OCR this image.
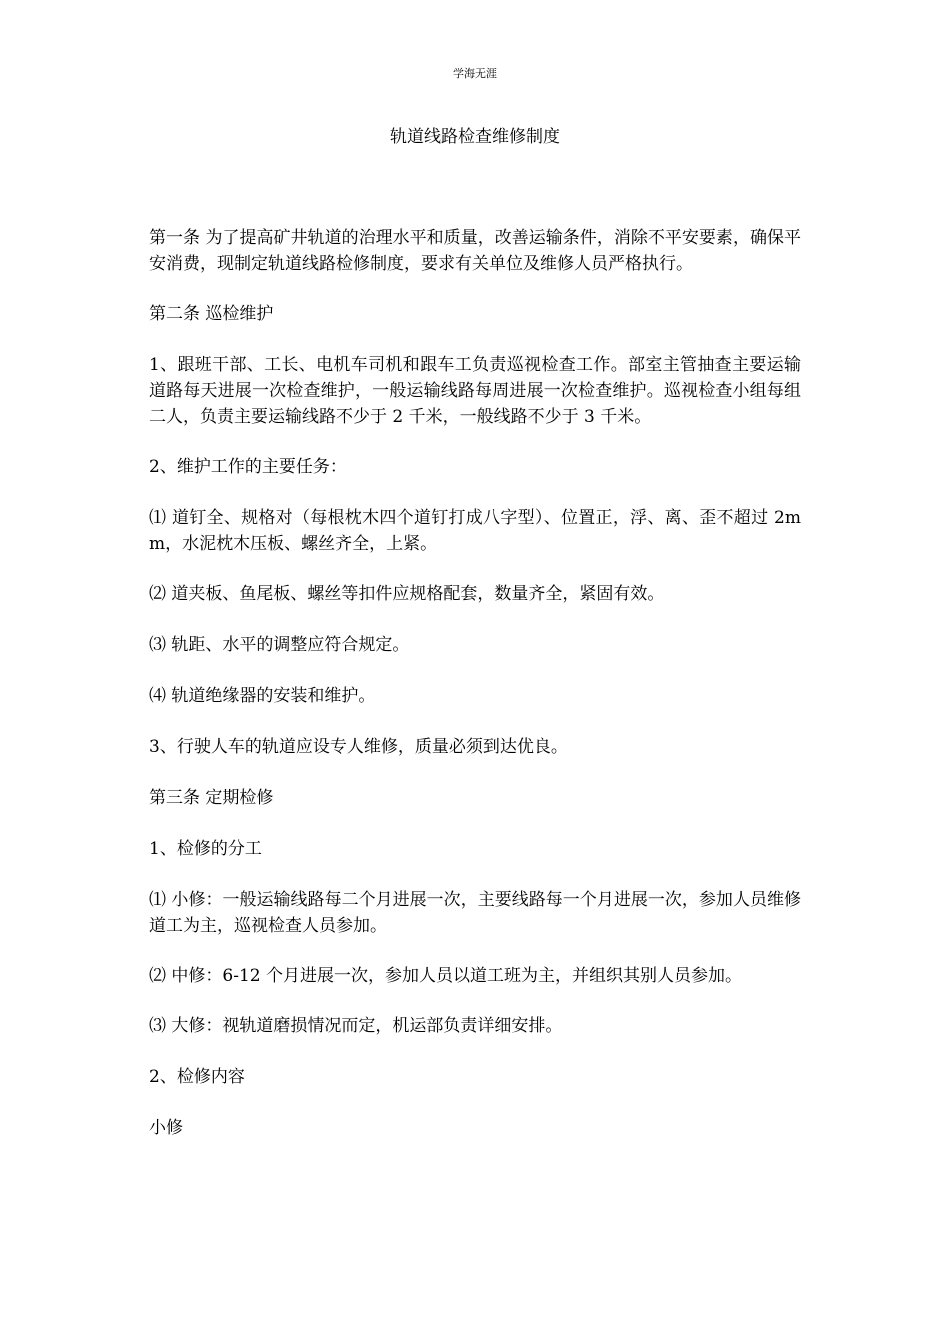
学海无涯
轨道线路检查维修制度

第一条 为了提高矿井轨道的治理水平和质量，改善运输条件，消除不平安要素，确保平安消费，现制定轨道线路检修制度，要求有关单位及维修人员严格执行。

第二条 巡检维护

1、跟班干部、工长、电机车司机和跟车工负责巡视检查工作。部室主管抽查主要运输道路每天进展一次检查维护，一般运输线路每周进展一次检查维护。巡视检查小组每组二人，负责主要运输线路不少于 2 千米，一般线路不少于 3 千米。

2、维护工作的主要任务：

⑴ 道钉全、规格对（每根枕木四个道钉打成八字型）、位置正，浮、离、歪不超过 2mm，水泥枕木压板、螺丝齐全，上紧。

⑵ 道夹板、鱼尾板、螺丝等扣件应规格配套，数量齐全，紧固有效。

⑶ 轨距、水平的调整应符合规定。

⑷ 轨道绝缘器的安装和维护。

3、行驶人车的轨道应设专人维修，质量必须到达优良。

第三条 定期检修

1、检修的分工

⑴ 小修：一般运输线路每二个月进展一次，主要线路每一个月进展一次，参加人员维修道工为主，巡视检查人员参加。

⑵ 中修：6-12 个月进展一次，参加人员以道工班为主，并组织其别人员参加。

⑶ 大修：视轨道磨损情况而定，机运部负责详细安排。

2、检修内容

小修
